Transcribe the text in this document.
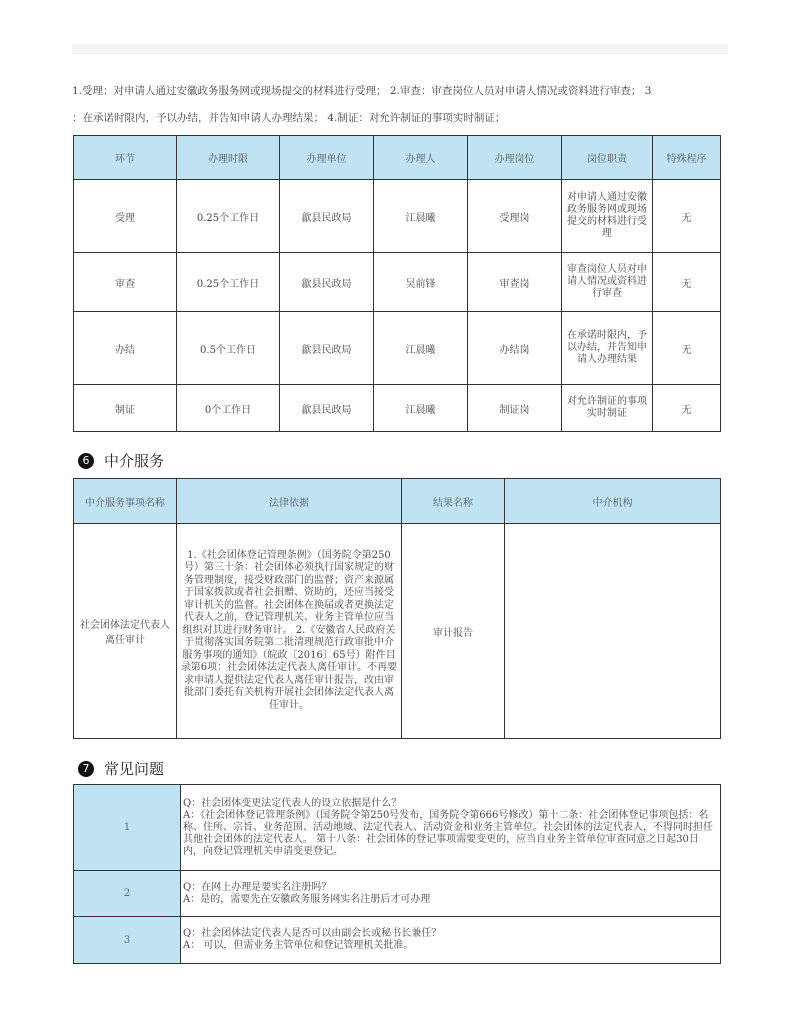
1.受理：对申请人通过安徽政务服务网或现场提交的材料进行受理； 2.审查：审查岗位人员对申请人情况或资料进行审查； 3
：在承诺时限内，予以办结，并告知申请人办理结果； 4.制证：对允许制证的事项实时制证；
环节	办理时限	办理单位	办理人	办理岗位	岗位职责	特殊程序
受理	0.25个工作日	歙县民政局	江晨曦	受理岗	对申请人通过安徽政务服务网或现场提交的材料进行受理	无
审查	0.25个工作日	歙县民政局	吴前锋	审查岗	审查岗位人员对申请人情况或资料进行审查	无
办结	0.5个工作日	歙县民政局	江晨曦	办结岗	在承诺时限内，予以办结，并告知申请人办理结果	无
制证	0个工作日	歙县民政局	江晨曦	制证岗	对允许制证的事项实时制证	无
6 中介服务
中介服务事项名称	法律依据	结果名称	中介机构
社会团体法定代表人离任审计	1.《社会团体登记管理条例》（国务院令第250号）第三十条：社会团体必须执行国家规定的财务管理制度，接受财政部门的监督；资产来源属于国家拨款或者社会捐赠、资助的，还应当接受审计机关的监督。社会团体在换届或者更换法定代表人之前，登记管理机关、业务主管单位应当组织对其进行财务审计。 2.《安徽省人民政府关于贯彻落实国务院第二批清理规范行政审批中介服务事项的通知》（皖政〔2016〕65号）附件目录第6项：社会团体法定代表人离任审计。不再要求申请人提供法定代表人离任审计报告，改由审批部门委托有关机构开展社会团体法定代表人离任审计。	审计报告	
7 常见问题
1	Q：社会团体变更法定代表人的设立依据是什么？
A：《社会团体登记管理条例》（国务院令第250号发布，国务院令第666号修改）第十二条：社会团体登记事项包括：名称、住所、宗旨、业务范围、活动地域、法定代表人、活动资金和业务主管单位。社会团体的法定代表人，不得同时担任其他社会团体的法定代表人。 第十八条：社会团体的登记事项需要变更的，应当自业务主管单位审查同意之日起30日内，向登记管理机关申请变更登记。

2	Q：在网上办理是要实名注册吗？
A：是的，需要先在安徽政务服务网实名注册后才可办理

3	Q：社会团体法定代表人是否可以由副会长或秘书长兼任？
A： 可以，但需业务主管单位和登记管理机关批准。
